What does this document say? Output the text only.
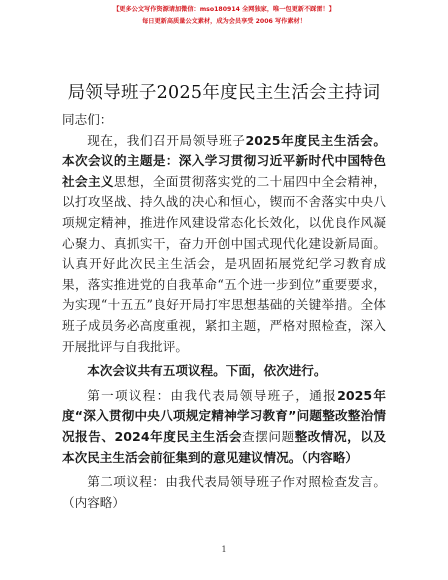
【更多公文写作资源请加微信：mso180914 全网独家，唯一包更新不踩雷！】
每日更新高质量公文素材，成为会员享受 2006 写作素材！
局领导班子2025年度民主生活会主持词

同志们：

现在，我们召开局领导班子2025年度民主生活会。本次会议的主题是：深入学习贯彻习近平新时代中国特色社会主义思想，全面贯彻落实党的二十届四中全会精神，以打攻坚战、持久战的决心和恒心，锲而不舍落实中央八项规定精神，推进作风建设常态化长效化，以优良作风凝心聚力、真抓实干，奋力开创中国式现代化建设新局面。认真开好此次民主生活会，是巩固拓展党纪学习教育成果，落实推进党的自我革命“五个进一步到位”重要要求，为实现“十五五”良好开局打牢思想基础的关键举措。全体班子成员务必高度重视，紧扣主题，严格对照检查，深入开展批评与自我批评。

本次会议共有五项议程。下面，依次进行。

第一项议程：由我代表局领导班子，通报2025年度“深入贯彻中央八项规定精神学习教育”问题整改整治情况报告、2024年度民主生活会查摆问题整改情况，以及本次民主生活会前征集到的意见建议情况。（内容略）

第二项议程：由我代表局领导班子作对照检查发言。（内容略）

1
